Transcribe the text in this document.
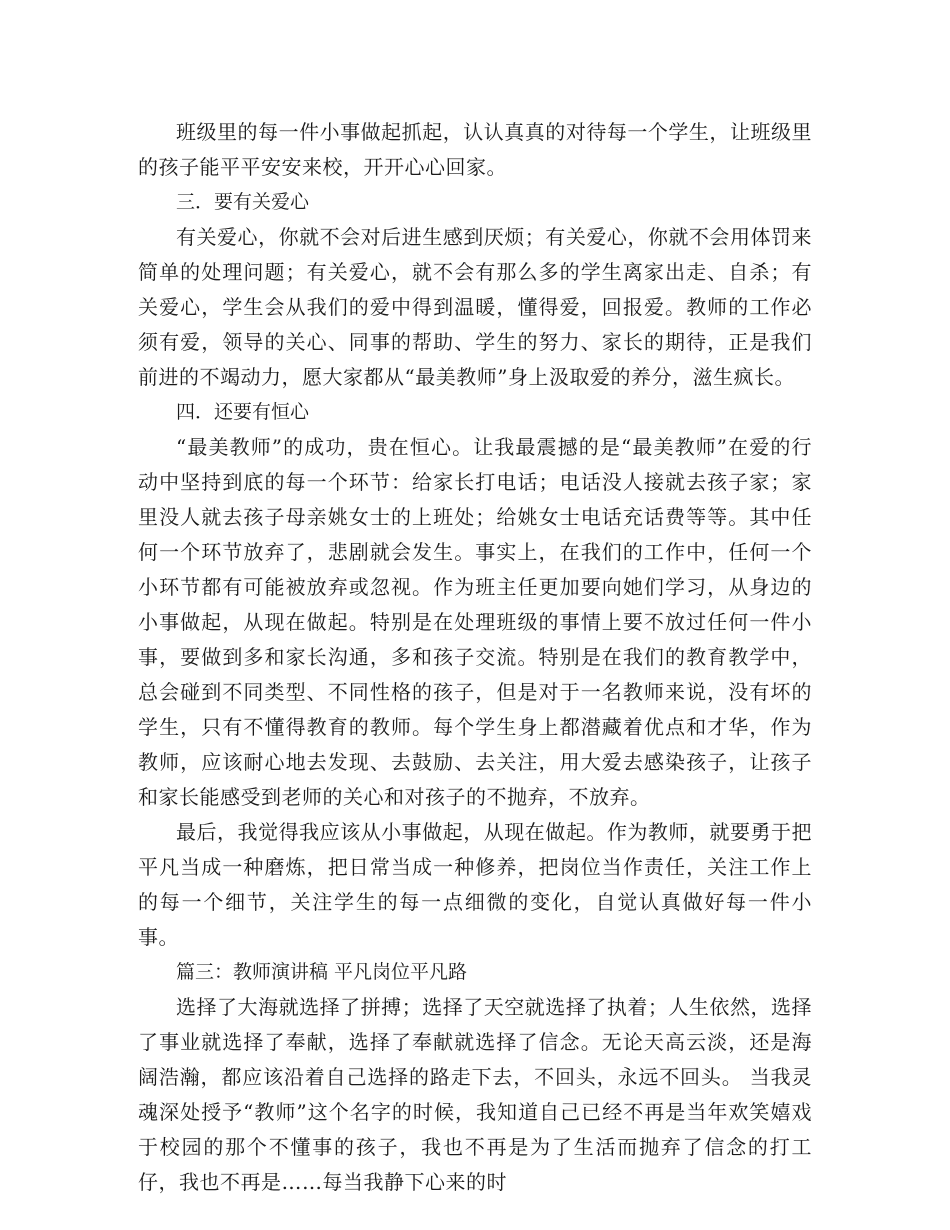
班级里的每一件小事做起抓起，认认真真的对待每一个学生，让班级里的孩子能平平安安来校，开开心心回家。

三．要有关爱心

有关爱心，你就不会对后进生感到厌烦；有关爱心，你就不会用体罚来简单的处理问题；有关爱心，就不会有那么多的学生离家出走、自杀；有关爱心，学生会从我们的爱中得到温暖，懂得爱，回报爱。教师的工作必须有爱，领导的关心、同事的帮助、学生的努力、家长的期待，正是我们前进的不竭动力，愿大家都从“最美教师”身上汲取爱的养分，滋生疯长。

四．还要有恒心

“最美教师”的成功，贵在恒心。让我最震撼的是“最美教师”在爱的行动中坚持到底的每一个环节：给家长打电话；电话没人接就去孩子家；家里没人就去孩子母亲姚女士的上班处；给姚女士电话充话费等等。其中任何一个环节放弃了，悲剧就会发生。事实上，在我们的工作中，任何一个小环节都有可能被放弃或忽视。作为班主任更加要向她们学习，从身边的小事做起，从现在做起。特别是在处理班级的事情上要不放过任何一件小事，要做到多和家长沟通，多和孩子交流。特别是在我们的教育教学中，总会碰到不同类型、不同性格的孩子，但是对于一名教师来说，没有坏的学生，只有不懂得教育的教师。每个学生身上都潜藏着优点和才华，作为教师，应该耐心地去发现、去鼓励、去关注，用大爱去感染孩子，让孩子和家长能感受到老师的关心和对孩子的不抛弃，不放弃。

最后，我觉得我应该从小事做起，从现在做起。作为教师，就要勇于把平凡当成一种磨炼，把日常当成一种修养，把岗位当作责任，关注工作上的每一个细节，关注学生的每一点细微的变化，自觉认真做好每一件小事。

篇三：教师演讲稿 平凡岗位平凡路

选择了大海就选择了拼搏；选择了天空就选择了执着；人生依然，选择了事业就选择了奉献，选择了奉献就选择了信念。无论天高云淡，还是海阔浩瀚，都应该沿着自己选择的路走下去，不回头，永远不回头。 当我灵魂深处授予“教师”这个名字的时候，我知道自己已经不再是当年欢笑嬉戏于校园的那个不懂事的孩子，我也不再是为了生活而抛弃了信念的打工仔，我也不再是……每当我静下心来的时
